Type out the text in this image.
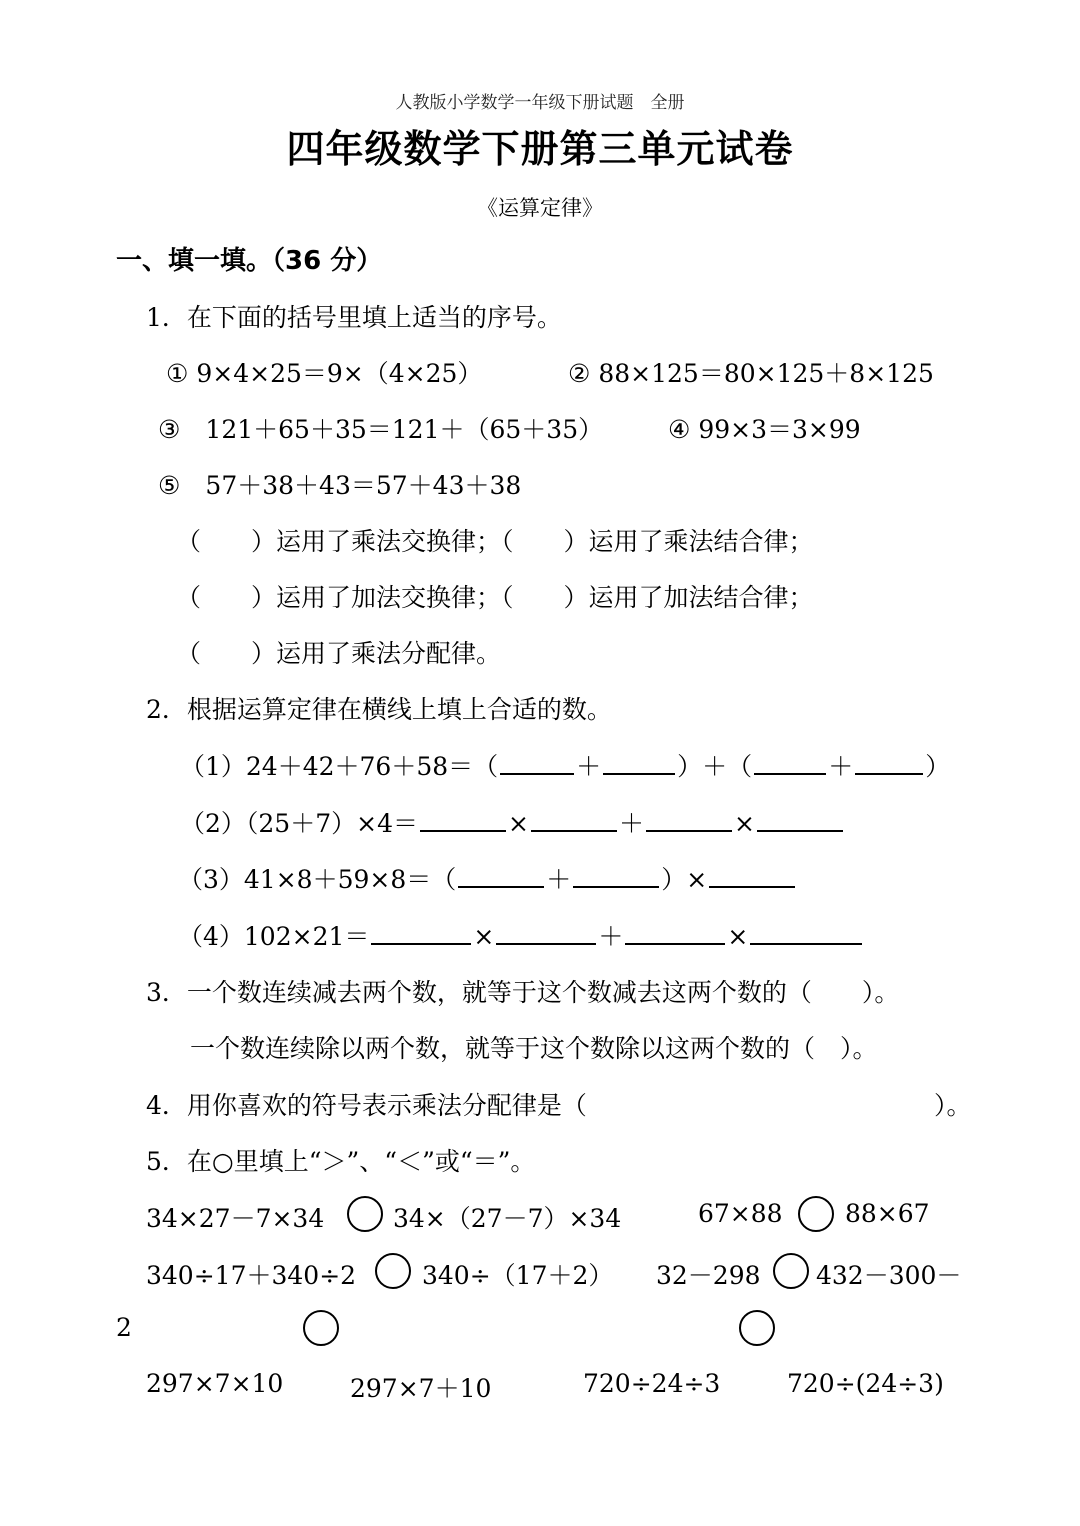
人教版小学数学一年级下册试题　全册
四年级数学下册第三单元试卷
《运算定律》
一、填一填。（36 分）
1．在下面的括号里填上适当的序号。
① 9×4×25＝9×（4×25）	② 88×125＝80×125＋8×125
③　121＋65＋35＝121＋（65＋35）	④ 99×3＝3×99
⑤　57＋38＋43＝57＋43＋38
（　　）运用了乘法交换律；（　　）运用了乘法结合律；
（　　）运用了加法交换律；（　　）运用了加法结合律；
（　　）运用了乘法分配律。
2．根据运算定律在横线上填上合适的数。
（1）24＋42＋76＋58＝（	＋	）＋（	＋	）
（2）（25＋7）×4＝	×	＋	×
（3）41×8＋59×8＝（	＋	）×
（4）102×21＝	×	＋	×
3．一个数连续减去两个数，就等于这个数减去这两个数的（　　）。
一个数连续除以两个数，就等于这个数除以这两个数的（　）。
4．用你喜欢的符号表示乘法分配律是（	）。
5．在○里填上“＞”、“＜”或“＝”。
34×27－7×34	34×（27－7）×34	67×88 88×67
340÷17＋340÷2	340÷（17＋2） 32－298 432－300－
2
297×7×10	297×7＋10	720÷24÷3	720÷(24÷3)
